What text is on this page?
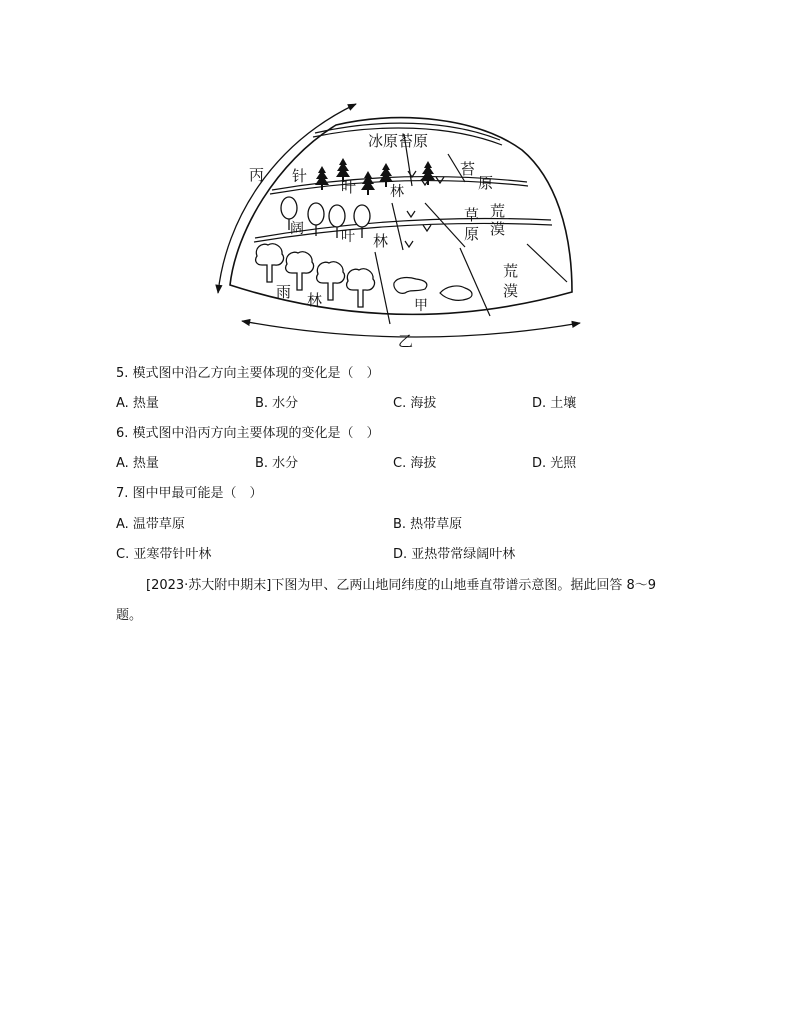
冰原苔原
针
叶 林
苔
原
阔	叶 林
草
原
荒
漠
雨 林	甲
荒
漠
丙
乙
5. 模式图中沿乙方向主要体现的变化是（　）
A. 热量	B. 水分	C. 海拔	D. 土壤
6. 模式图中沿丙方向主要体现的变化是（　）
A. 热量	B. 水分	C. 海拔	D. 光照
7. 图中甲最可能是（　）
A. 温带草原	B. 热带草原
C. 亚寒带针叶林	D. 亚热带常绿阔叶林
[2023·苏大附中期末]下图为甲、乙两山地同纬度的山地垂直带谱示意图。据此回答 8～9 题。
